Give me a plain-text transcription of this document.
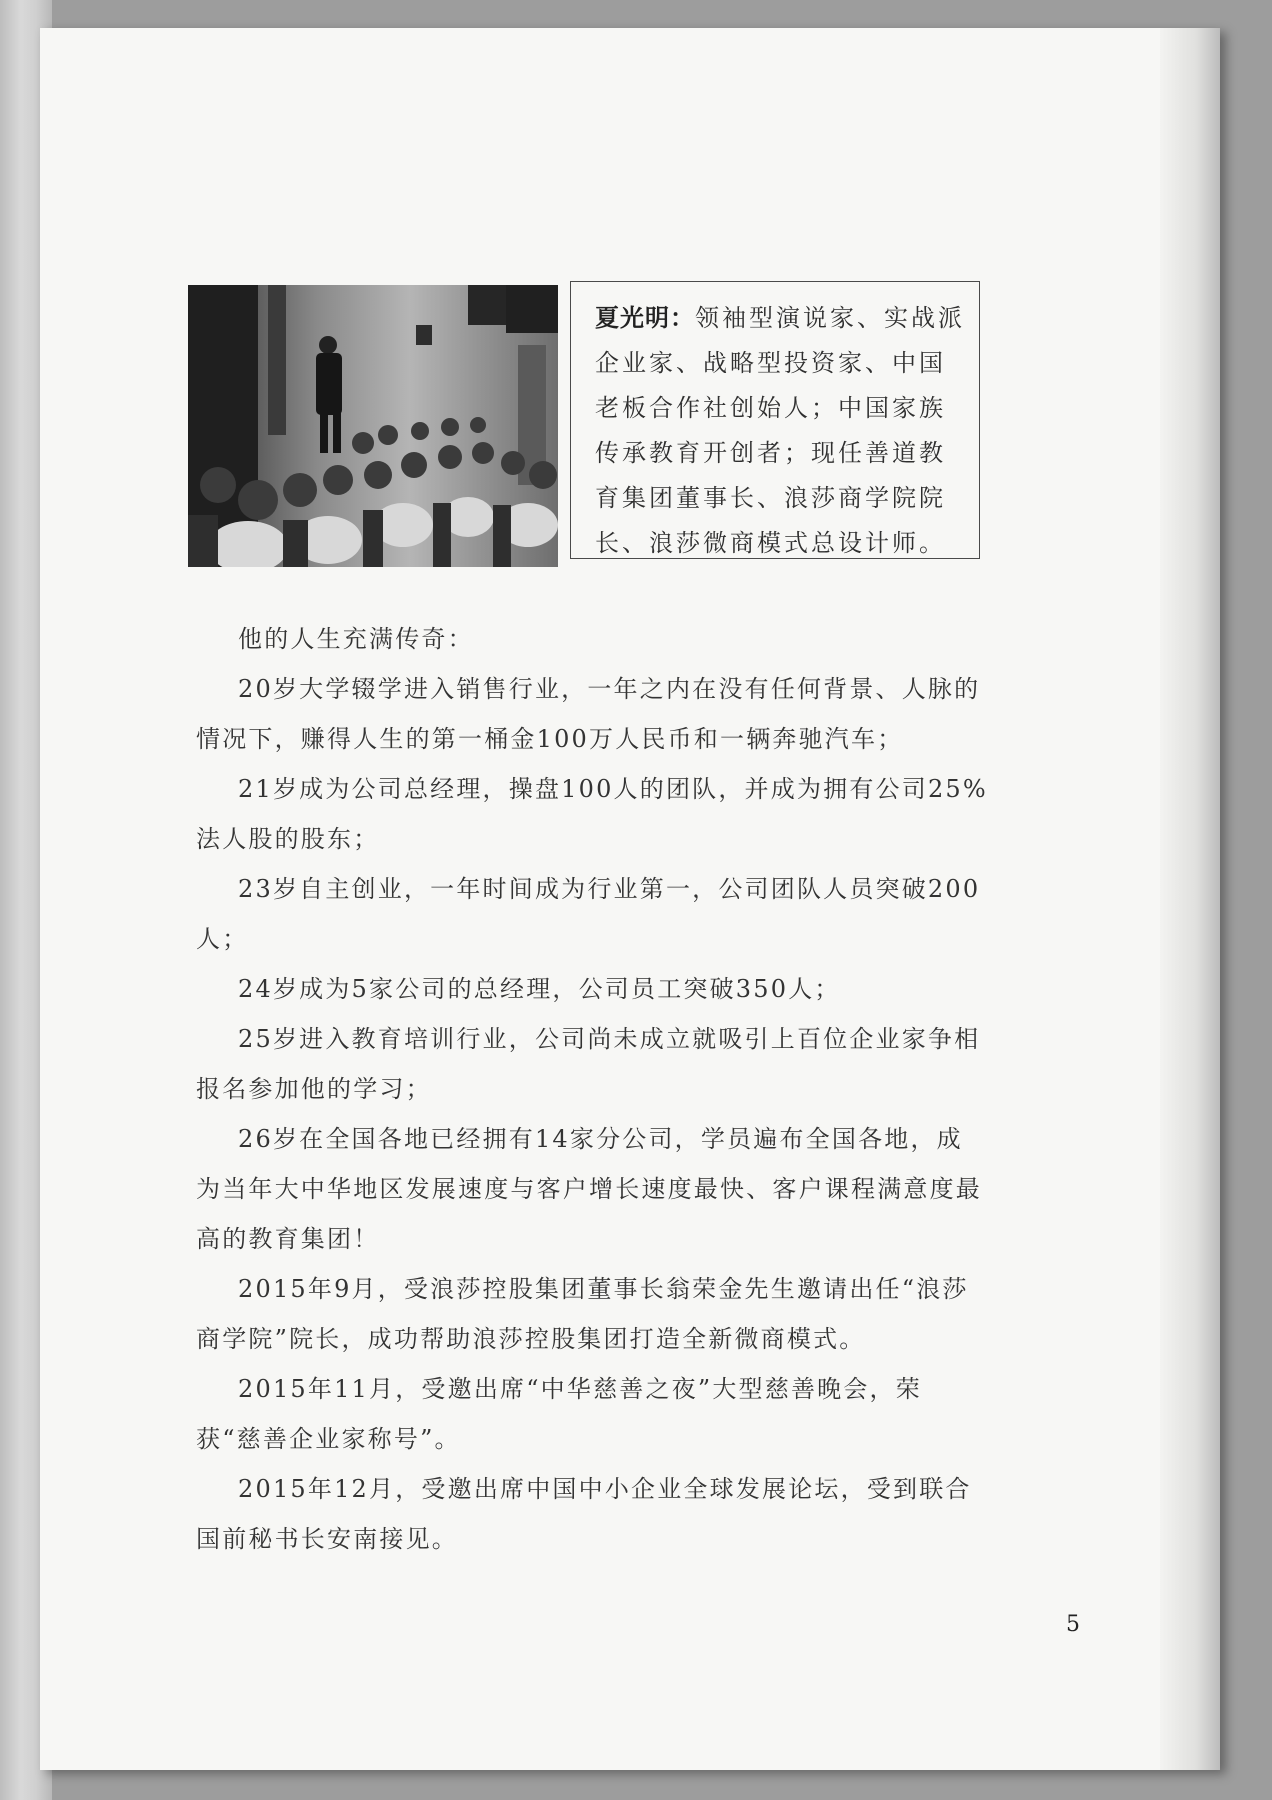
夏光明：领袖型演说家、实战派企业家、战略型投资家、中国老板合作社创始人；中国家族传承教育开创者；现任善道教育集团董事长、浪莎商学院院长、浪莎微商模式总设计师。

他的人生充满传奇：

20岁大学辍学进入销售行业，一年之内在没有任何背景、人脉的情况下，赚得人生的第一桶金100万人民币和一辆奔驰汽车；

21岁成为公司总经理，操盘100人的团队，并成为拥有公司25%法人股的股东；

23岁自主创业，一年时间成为行业第一，公司团队人员突破200人；

24岁成为5家公司的总经理，公司员工突破350人；

25岁进入教育培训行业，公司尚未成立就吸引上百位企业家争相报名参加他的学习；

26岁在全国各地已经拥有14家分公司，学员遍布全国各地，成为当年大中华地区发展速度与客户增长速度最快、客户课程满意度最高的教育集团！

2015年9月，受浪莎控股集团董事长翁荣金先生邀请出任“浪莎商学院”院长，成功帮助浪莎控股集团打造全新微商模式。

2015年11月，受邀出席“中华慈善之夜”大型慈善晚会，荣获“慈善企业家称号”。

2015年12月，受邀出席中国中小企业全球发展论坛，受到联合国前秘书长安南接见。

5
